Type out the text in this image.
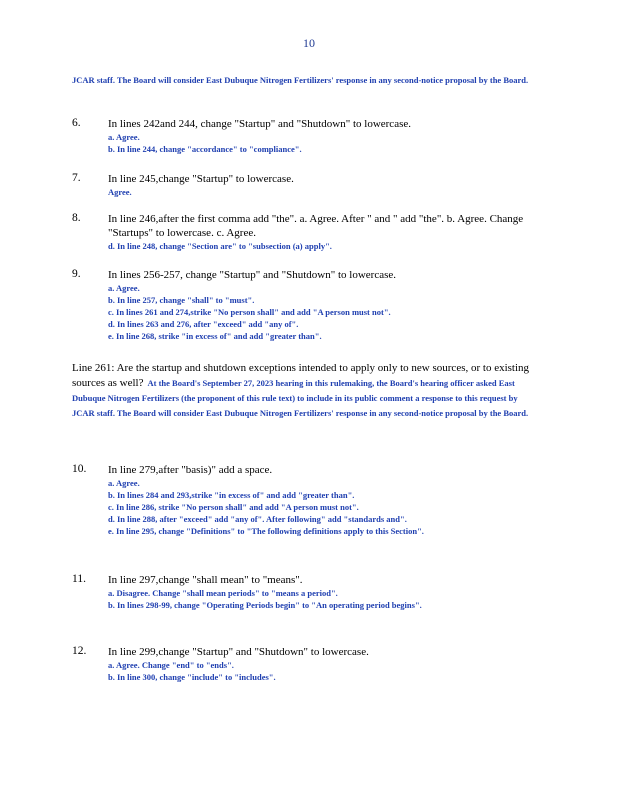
10
JCAR staff. The Board will consider East Dubuque Nitrogen Fertilizers' response in any second-notice proposal by the Board.
6. In lines 242and 244, change "Startup" and "Shutdown" to lowercase.
a. Agree.
b. In line 244, change "accordance" to "compliance".
7. In line 245,change "Startup" to lowercase.
Agree.
8. In line 246,after the first comma add "the". a. Agree. After " and " add "the". b. Agree. Change "Startups" to lowercase. c. Agree.
d. In line 248, change "Section are" to "subsection (a) apply".
9. In lines 256-257, change "Startup" and "Shutdown" to lowercase.
a. Agree.
b. In line 257, change "shall" to "must".
c. In lines 261 and 274,strike "No person shall" and add "A person must not".
d. In lines 263 and 276, after "exceed" add "any of".
e. In line 268, strike "in excess of" and add "greater than".
Line 261: Are the startup and shutdown exceptions intended to apply only to new sources, or to existing sources as well? At the Board's September 27, 2023 hearing in this rulemaking, the Board's hearing officer asked East Dubuque Nitrogen Fertilizers (the proponent of this rule text) to include in its public comment a response to this request by JCAR staff. The Board will consider East Dubuque Nitrogen Fertilizers' response in any second-notice proposal by the Board.
10. In line 279,after "basis)" add a space.
a. Agree.
b. In lines 284 and 293,strike "in excess of" and add "greater than".
c. In line 286, strike "No person shall" and add "A person must not".
d. In line 288, after "exceed" add "any of". After following" add "standards and".
e. In line 295, change "Definitions" to "The following definitions apply to this Section".
11. In line 297,change "shall mean" to "means".
a. Disagree. Change "shall mean periods" to "means a period".
b. In lines 298-99, change "Operating Periods begin" to "An operating period begins".
12. In line 299,change "Startup" and "Shutdown" to lowercase.
a. Agree. Change "end" to "ends".
b. In line 300, change "include" to "includes".
